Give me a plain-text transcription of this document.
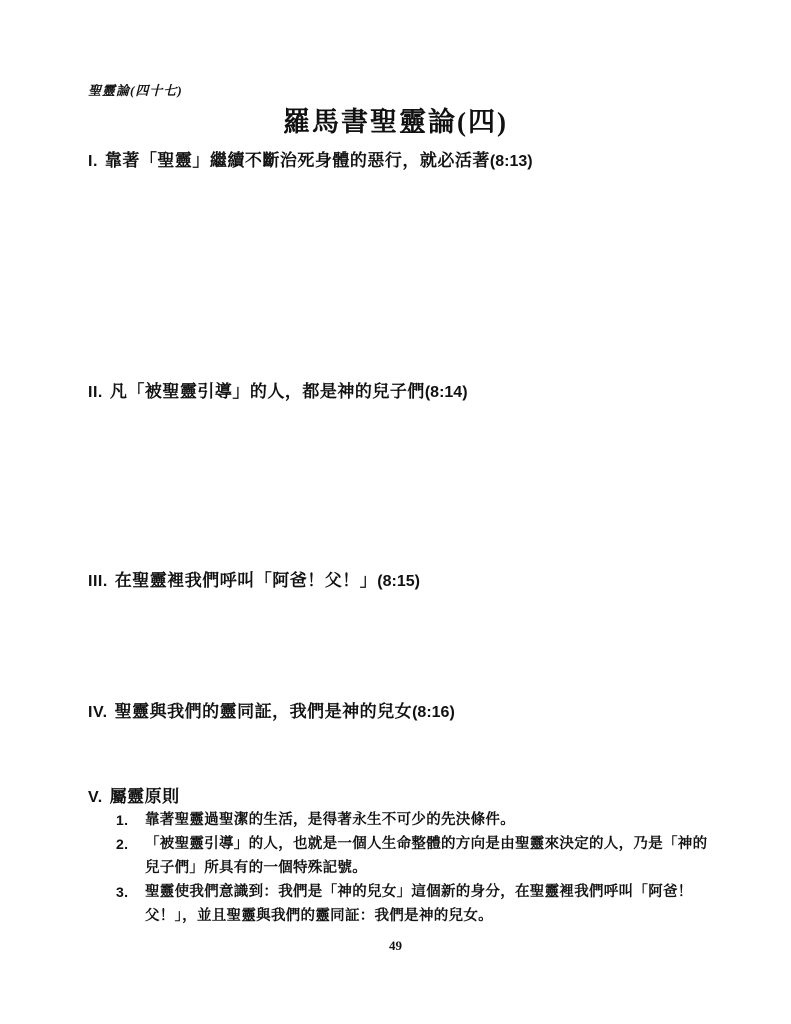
聖靈論(四十七)
羅馬書聖靈論(四)
I. 靠著「聖靈」繼續不斷治死身體的惡行，就必活著(8:13)
II. 凡「被聖靈引導」的人，都是神的兒子們(8:14)
III. 在聖靈裡我們呼叫「阿爸！父！」(8:15)
IV. 聖靈與我們的靈同証，我們是神的兒女(8:16)
V. 屬靈原則
1.	靠著聖靈過聖潔的生活，是得著永生不可少的先決條件。
2.	「被聖靈引導」的人，也就是一個人生命整體的方向是由聖靈來決定的人，乃是「神的兒子們」所具有的一個特殊記號。
3.	聖靈使我們意識到：我們是「神的兒女」這個新的身分，在聖靈裡我們呼叫「阿爸！父！」，並且聖靈與我們的靈同証：我們是神的兒女。
49
